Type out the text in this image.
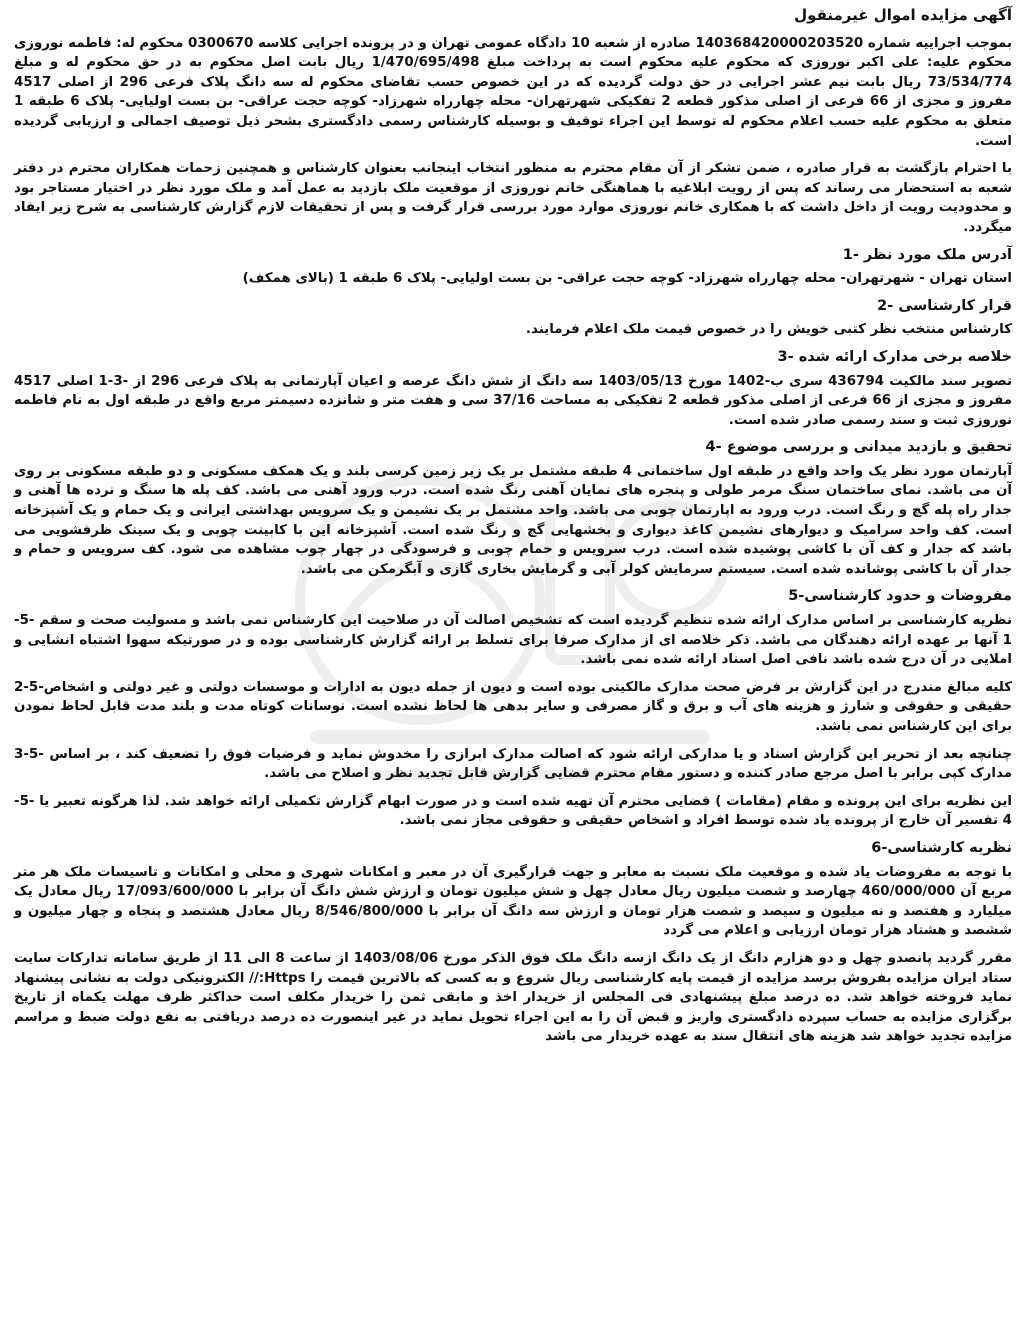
آگهی مزایده اموال غیرمنقول

بموجب اجراییه شماره 140368420000203520 صادره از شعبه 10 دادگاه عمومی تهران و در پرونده اجرایی کلاسه 0300670 محکوم له: فاطمه نوروزی محکوم علیه: علی اکبر نوروزی که محکوم علیه محکوم است به پرداخت مبلغ 1/470/695/498 ریال بابت اصل محکوم به در حق محکوم له و مبلغ 73/534/774 ریال بابت نیم عشر اجرایی در حق دولت گردیده که در این خصوص حسب تقاضای محکوم له سه دانگ پلاک فرعی 296 از اصلی 4517 مفروز و مجزی از 66 فرعی از اصلی مذکور قطعه 2 تفکیکی شهرتهران- محله چهارراه شهرزاد- کوچه حجت عراقی- بن بست اولیایی- پلاک 6 طبقه 1 متعلق به محکوم علیه حسب اعلام محکوم له توسط این اجراء توقیف و بوسیله کارشناس رسمی دادگستری بشحر ذیل توصیف اجمالی و ارزیابی گردیده است.

با احترام بازگشت به قرار صادره ، ضمن تشکر از آن مقام محترم به منظور انتخاب اینجانب بعنوان کارشناس و همچنین زحمات همکاران محترم در دفتر شعبه به استحضار می رساند که پس از رویت ابلاغیه با هماهنگی خانم نوروزی از موقعیت ملک بازدید به عمل آمد و ملک مورد نظر در اختیار مستاجر بود و محدودیت رویت از داخل داشت که با همکاری خانم نوروزی موارد مورد بررسی قرار گرفت و پس از تحقیقات لازم گزارش کارشناسی به شرح زیر ایفاد میگردد.

آدرس ملک مورد نظر -1

استان تهران - شهرتهران- محله چهارراه شهرزاد- کوچه حجت عراقی- بن بست اولیایی- پلاک 6 طبقه 1 (بالای همکف)

قرار کارشناسی -2

کارشناس منتخب نظر کتبی خویش را در خصوص قیمت ملک اعلام فرمایند.

خلاصه برخی مدارک ارائه شده -3

تصویر سند مالکیت 436794 سری ب-1402 مورخ 1403/05/13 سه دانگ از شش دانگ عرصه و اعیان آپارتمانی به پلاک فرعی 296 از -3-1 اصلی 4517 مفروز و مجزی از 66 فرعی از اصلی مذکور قطعه 2 تفکیکی به مساحت 37/16 سی و هفت متر و شانزده دسیمتر مربع واقع در طبقه اول به نام فاطمه نوروزی ثبت و سند رسمی صادر شده است.

تحقیق و بازدید میدانی و بررسی موضوع -4

آپارتمان مورد نظر یک واحد واقع در طبقه اول ساختمانی 4 طبقه مشتمل بر یک زیر زمین کرسی بلند و یک همکف مسکونی و دو طبقه مسکونی بر روی آن می باشد. نمای ساختمان سنگ مرمر طولی و پنجره های نمایان آهنی رنگ شده است. درب ورود آهنی می باشد. کف پله ها سنگ و نرده ها آهنی و جدار راه پله گچ و رنگ است. درب ورود به اپارتمان چوبی می باشد. واحد مشتمل بر یک نشیمن و یک سرویس بهداشتی ایرانی و یک حمام و یک آشپزخانه است. کف واحد سرامیک و دیوارهای نشیمن کاغذ دیواری و بخشهایی گچ و رنگ شده است. آشپزخانه این با کابینت چوبی و یک سینک ظرفشویی می باشد که جدار و کف آن با کاشی پوشیده شده است. درب سرویس و حمام چوبی و فرسودگی در چهار چوب مشاهده می شود. کف سرویس و حمام و جدار آن با کاشی پوشانده شده است. سیستم سرمایش کولر آبی و گرمایش بخاری گازی و آبگرمکن می باشد.

مفروضات و حدود کارشناسی-5

نظریه کارشناسی بر اساس مدارک ارائه شده تنظیم گردیده است که تشخیص اصالت آن در صلاحیت این کارشناس نمی باشد و مسولیت صحت و سقم -5-1 آنها بر عهده ارائه دهندگان می باشد. ذکر خلاصه ای از مدارک صرفا برای تسلط بر ارائه گزارش کارشناسی بوده و در صورتیکه سهوا اشتباه انشایی و املایی در آن درج شده باشد نافی اصل اسناد ارائه شده نمی باشد.

کلیه مبالغ مندرج در این گزارش بر فرض صحت مدارک مالکیتی بوده است و دیون از جمله دیون به ادارات و موسسات دولتی و غیر دولتی و اشخاص-5-2 حقیقی و حقوقی و شارژ و هزینه های آب و برق و گاز مصرفی و سایر بدهی ها لحاظ نشده است. نوسانات کوتاه مدت و بلند مدت قابل لحاظ نمودن برای این کارشناس نمی باشد.

چنانچه بعد از تحریر این گزارش اسناد و یا مدارکی ارائه شود که اصالت مدارک ابرازی را مخدوش نماید و فرضیات فوق را تضعیف کند ، بر اساس -5-3 مدارک کپی برابر با اصل مرجع صادر کننده و دستور مقام محترم قضایی گزارش قابل تجدید نظر و اصلاح می باشد.

این نظریه برای این پرونده و مقام (مقامات ) قضایی محترم آن تهیه شده است و در صورت ابهام گزارش تکمیلی ارائه خواهد شد. لذا هرگونه تعبیر یا -5-4 تفسیر آن خارج از پرونده یاد شده توسط افراد و اشخاص حقیقی و حقوقی مجاز نمی باشد.

نظریه کارشناسی-6

با توجه به مفروضات یاد شده و موقعیت ملک نسبت به معابر و جهت قرارگیری آن در معبر و امکانات شهری و محلی و امکانات و تاسیسات ملک هر متر مربع آن 460/000/000 چهارصد و شصت میلیون ریال معادل چهل و شش میلیون تومان و ارزش شش دانگ آن برابر با 17/093/600/000 ریال معادل یک میلیارد و هفتصد و نه میلیون و سیصد و شصت هزار تومان و ارزش سه دانگ آن برابر با 8/546/800/000 ریال معادل هشتصد و پنجاه و چهار میلیون و ششصد و هشتاد هزار تومان ارزیابی و اعلام می گردد

مقرر گردید پانصدو چهل و دو هزارم دانگ از یک دانگ ازسه دانگ ملک فوق الذکر مورخ 1403/08/06 از ساعت 8 الی 11 از طریق سامانه تدارکات سایت ستاد ایران مزایده بفروش برسد مزایده از قیمت پایه کارشناسی ریال شروع و به کسی که بالاترین قیمت را Https:// الکترونیکی دولت به نشانی پیشنهاد نماید فروخته خواهد شد. ده درصد مبلغ پیشنهادی فی المجلس از خریدار اخذ و مابقی ثمن را خریدار مکلف است حداکثر ظرف مهلت یکماه از تاریخ برگزاری مزایده به حساب سپرده دادگستری واریز و قبض آن را به این اجراء تحویل نماید در غیر اینصورت ده درصد دریافتی به نفع دولت ضبط و مراسم مزایده تجدید خواهد شد هزینه های انتقال سند به عهده خریدار می باشد
